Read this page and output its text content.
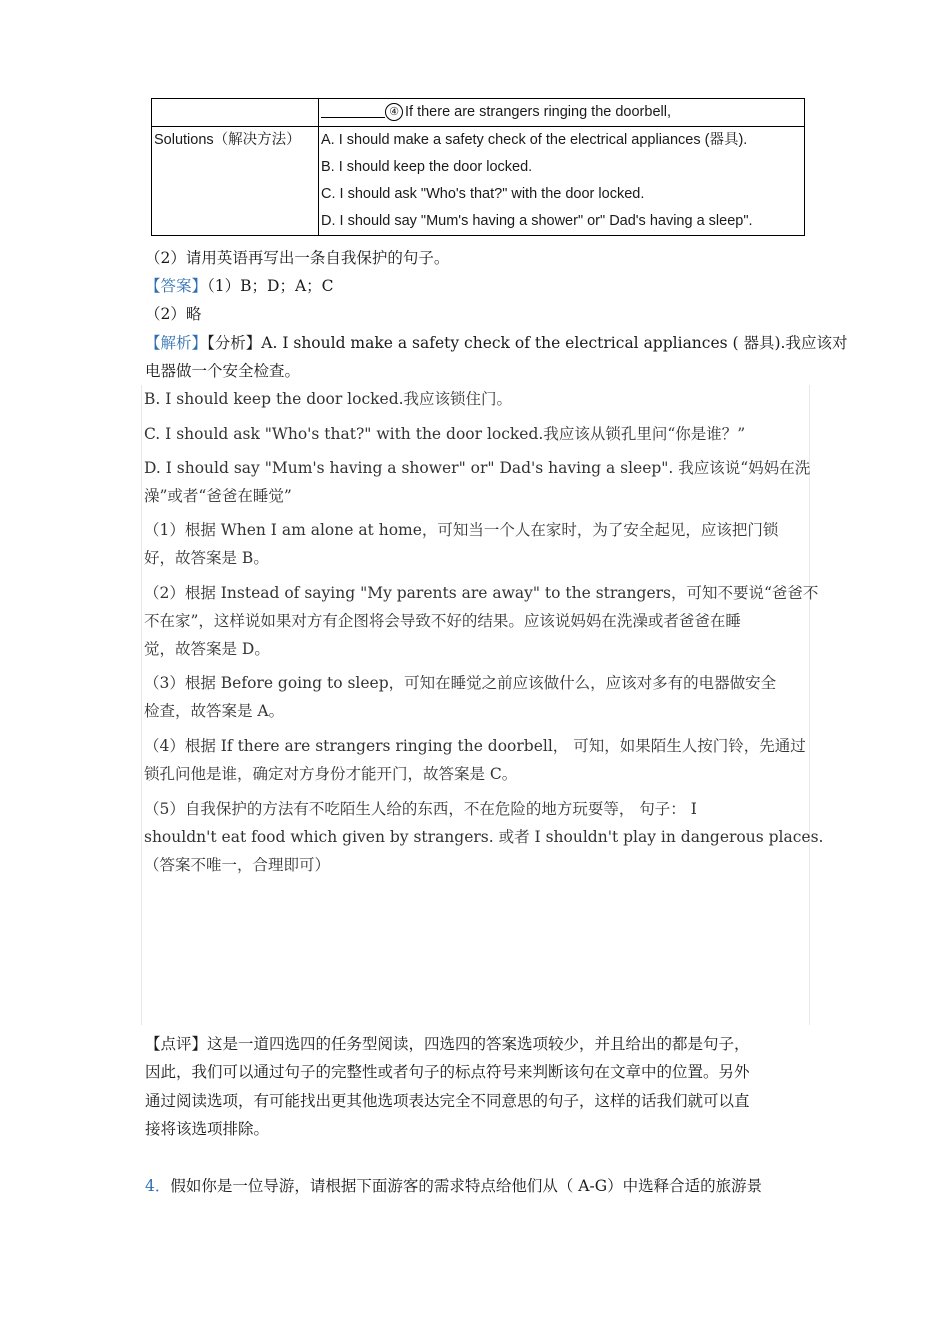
	④ If there are strangers ringing the doorbell,

Solutions（解决方法）	A. I should make a safety check of the electrical appliances (器具).
B. I should keep the door locked.
C. I should ask "Who's that?" with the door locked.
D. I should say "Mum's having a shower" or" Dad's having a sleep".
（2）请用英语再写出一条自我保护的句子。
【答案】（1）B；D；A；C
（2）略
【解析】【分析】A. I should make a safety check of the electrical appliances ( 器具).我应该对
电器做一个安全检查。
B. I should keep the door locked.我应该锁住门。
C. I should ask "Who's that?" with the door locked.我应该从锁孔里问“你是谁？”
D. I should say "Mum's having a shower" or" Dad's having a sleep". 我应该说“妈妈在洗
澡”或者“爸爸在睡觉”
（1）根据 When I am alone at home，可知当一个人在家时，为了安全起见，应该把门锁
好，故答案是 B。
（2）根据 Instead of saying "My parents are away" to the strangers，可知不要说“爸爸不
不在家”，这样说如果对方有企图将会导致不好的结果。应该说妈妈在洗澡或者爸爸在睡
觉，故答案是 D。
（3）根据 Before going to sleep，可知在睡觉之前应该做什么，应该对多有的电器做安全
检查，故答案是 A。
（4）根据 If there are strangers ringing the doorbell， 可知，如果陌生人按门铃，先通过
锁孔问他是谁，确定对方身份才能开门，故答案是 C。
（5）自我保护的方法有不吃陌生人给的东西，不在危险的地方玩耍等， 句子： I
shouldn't eat food which given by strangers. 或者 I shouldn't play in dangerous places.
（答案不唯一，合理即可）
【点评】这是一道四选四的任务型阅读，四选四的答案选项较少，并且给出的都是句子，
因此，我们可以通过句子的完整性或者句子的标点符号来判断该句在文章中的位置。另外
通过阅读选项，有可能找出更其他选项表达完全不同意思的句子，这样的话我们就可以直
接将该选项排除。
4．假如你是一位导游，请根据下面游客的需求特点给他们从（ A-G）中选释合适的旅游景
